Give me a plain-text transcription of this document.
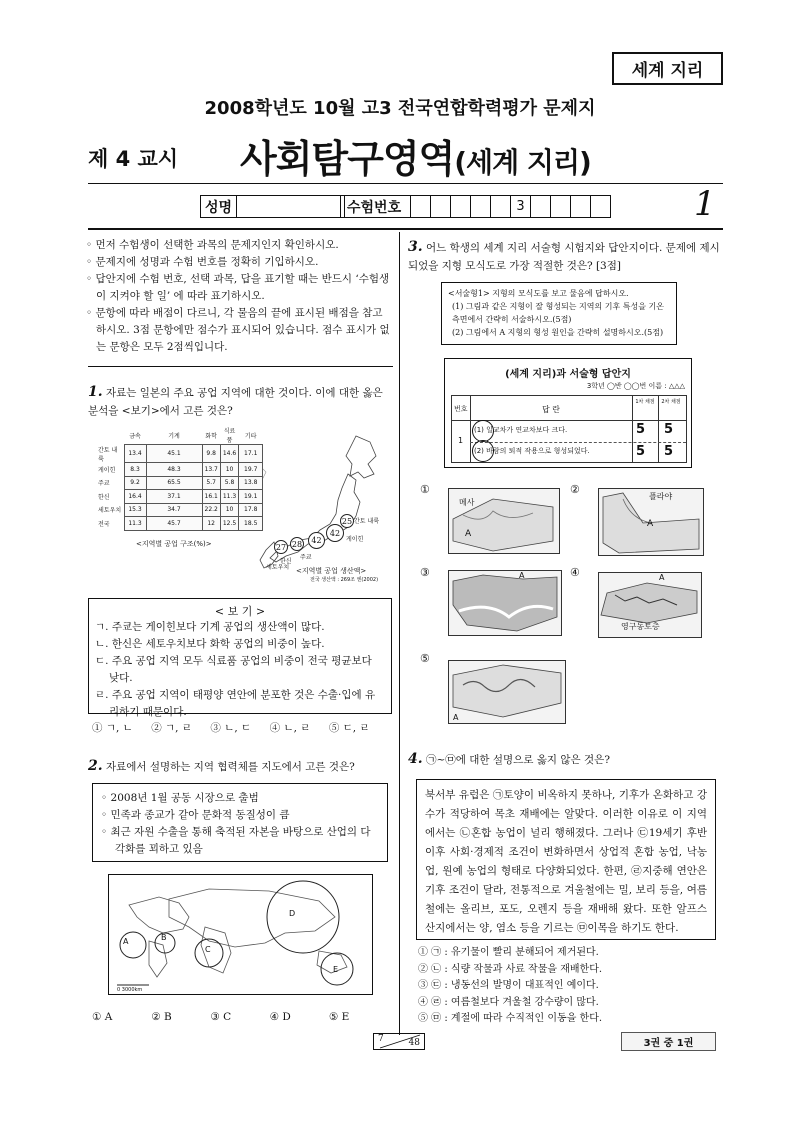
세계 지리
2008학년도 10월 고3 전국연합학력평가 문제지
제 4 교시 사회탐구영역(세계 지리)
성명	수험번호	3	1

◦ 먼저 수험생이 선택한 과목의 문제지인지 확인하시오.

◦ 문제지에 성명과 수험 번호를 정확히 기입하시오.

◦ 답안지에 수험 번호, 선택 과목, 답을 표기할 때는 반드시 ‘수험생이 지켜야 할 일’ 에 따라 표기하시오.

◦ 문항에 따라 배점이 다르니, 각 물음의 끝에 표시된 배점을 참고하시오. 3점 문항에만 점수가 표시되어 있습니다. 점수 표시가 없는 문항은 모두 2점씩입니다.

1. 자료는 일본의 주요 공업 지역에 대한 것이다. 이에 대한 옳은 분석을 <보기>에서 고른 것은?
25 간토 내륙
42
게이힌
27 28	42
주쿄
한신
세토우치 <지역별 공업 생산액>
전국 생산액 : 269조 엔(2002)
	금속	기계	화학	식료품	기타
간토 내륙	13.4	45.1	9.8	14.6	17.1
게이힌	8.3	48.3	13.7	10	19.7
주쿄	9.2	65.5	5.7	5.8	13.8
한신	16.4	37.1	16.1	11.3	19.1
세토우치	15.3	34.7	22.2	10	17.8
전국	11.3	45.7	12	12.5	18.5
<지역별 공업 구조(%)>
< 보 기 >

ㄱ. 주쿄는 게이힌보다 기계 공업의 생산액이 많다.

ㄴ. 한신은 세토우치보다 화학 공업의 비중이 높다.

ㄷ. 주요 공업 지역 모두 식료품 공업의 비중이 전국 평균보다 낮다.

ㄹ. 주요 공업 지역이 태평양 연안에 분포한 것은 수출·입에 유리하기 때문이다.

① ㄱ, ㄴ	② ㄱ, ㄹ	③ ㄴ, ㄷ	④ ㄴ, ㄹ	⑤ ㄷ, ㄹ
2. 자료에서 설명하는 지역 협력체를 지도에서 고른 것은?

◦ 2008년 1월 공동 시장으로 출범

◦ 민족과 종교가 같아 문화적 동질성이 큼

◦ 최근 자원 수출을 통해 축적된 자본을 바탕으로 산업의 다각화를 꾀하고 있음

A	B
C
D
E
0 3000km
① A	② B	③ C	④ D	⑤ E
3. 어느 학생의 세계 지리 서술형 시험지와 답안지이다. 문제에 제시되었을 지형 모식도로 가장 적절한 것은? [3점]

<서술형1> 지형의 모식도를 보고 물음에 답하시오.

(1) 그림과 같은 지형이 잘 형성되는 지역의 기후 특성을 기온 측면에서 간략히 서술하시오.(5점)

(2) 그림에서 A 지형의 형성 원인을 간략히 설명하시오.(5점)

(세계 지리)과 서술형 답안지
3학년 ◯반 ◯◯번 이름 : △△△
번호	답 란
1차 채점	2차 채점
1
(1) 일교차가 연교차보다 크다.	5 5
(2) 바람의 퇴적 작용으로 형성되었다.	5 5
①
메사
A
②
플라야
A
③	A	④	A
영구동토층
⑤
A
4. ㉠~㉤에 대한 설명으로 옳지 않은 것은?

북서부 유럽은 ㉠토양이 비옥하지 못하나, 기후가 온화하고 강수가 적당하여 목초 재배에는 알맞다. 이러한 이유로 이 지역에서는 ㉡혼합 농업이 널리 행해졌다. 그러나 ㉢19세기 후반 이후 사회·경제적 조건이 변화하면서 상업적 혼합 농업, 낙농업, 원예 농업의 형태로 다양화되었다. 한편, ㉣지중해 연안은 기후 조건이 달라, 전통적으로 겨울철에는 밀, 보리 등을, 여름철에는 올리브, 포도, 오렌지 등을 재배해 왔다. 또한 알프스 산지에서는 양, 염소 등을 기르는 ㉤이목을 하기도 한다.

① ㉠ : 유기물이 빨리 분해되어 제거된다.

② ㉡ : 식량 작물과 사료 작물을 재배한다.

③ ㉢ : 냉동선의 발명이 대표적인 예이다.

④ ㉣ : 여름철보다 겨울철 강수량이 많다.

⑤ ㉤ : 계절에 따라 수직적인 이동을 한다.

7	48	3권 중 1권
